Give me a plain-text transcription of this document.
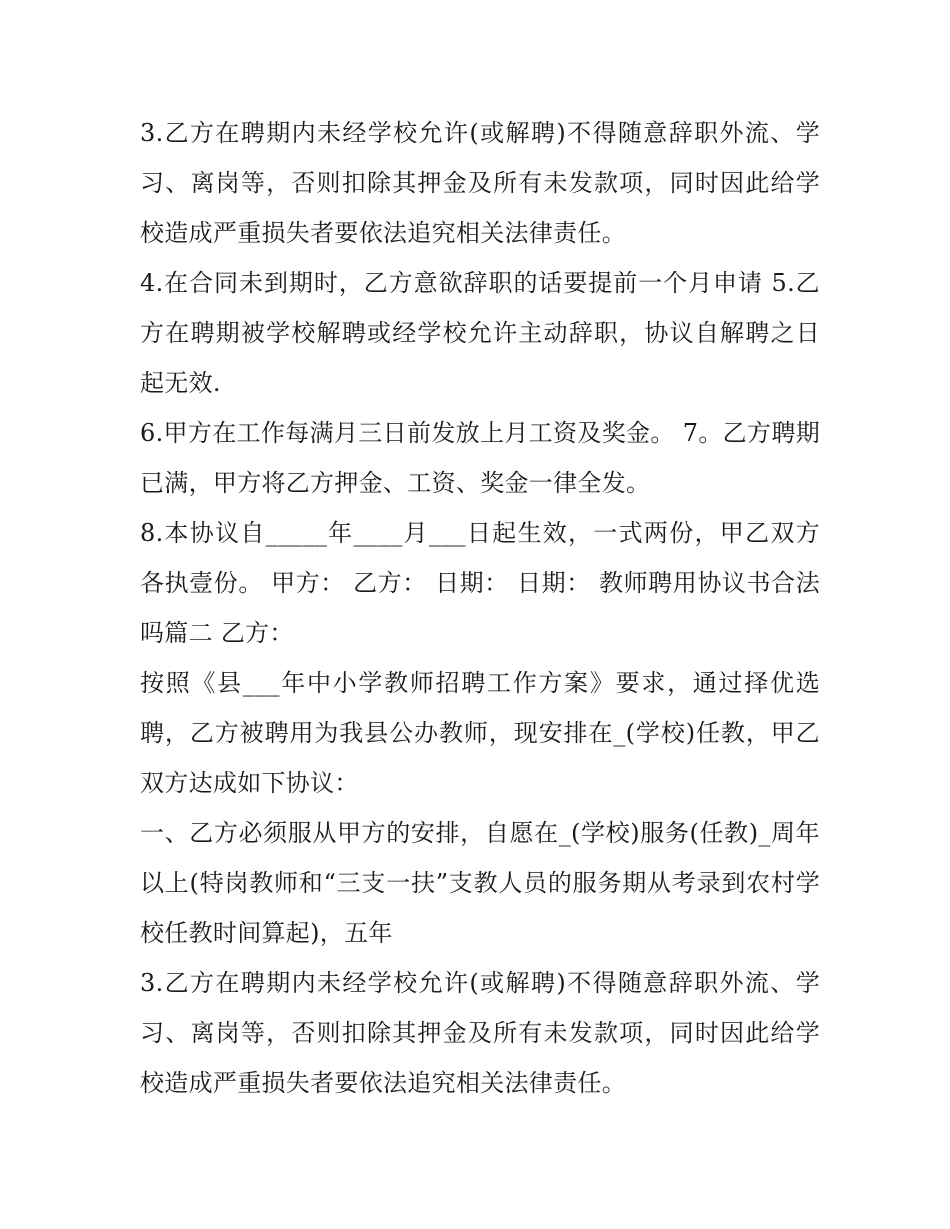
3.乙方在聘期内未经学校允许(或解聘)不得随意辞职外流、学习、离岗等，否则扣除其押金及所有未发款项，同时因此给学校造成严重损失者要依法追究相关法律责任。

4.在合同未到期时，乙方意欲辞职的话要提前一个月申请 5.乙方在聘期被学校解聘或经学校允许主动辞职，协议自解聘之日起无效.

6.甲方在工作每满月三日前发放上月工资及奖金。 7。乙方聘期已满，甲方将乙方押金、工资、奖金一律全发。

8.本协议自_____年____月___日起生效，一式两份，甲乙双方各执壹份。 甲方： 乙方： 日期： 日期： 教师聘用协议书合法吗篇二 乙方：

按照《县___年中小学教师招聘工作方案》要求，通过择优选聘，乙方被聘用为我县公办教师，现安排在_(学校)任教，甲乙双方达成如下协议：

一、乙方必须服从甲方的安排，自愿在_(学校)服务(任教)_周年以上(特岗教师和“三支一扶”支教人员的服务期从考录到农村学校任教时间算起)，五年

3.乙方在聘期内未经学校允许(或解聘)不得随意辞职外流、学习、离岗等，否则扣除其押金及所有未发款项，同时因此给学校造成严重损失者要依法追究相关法律责任。
